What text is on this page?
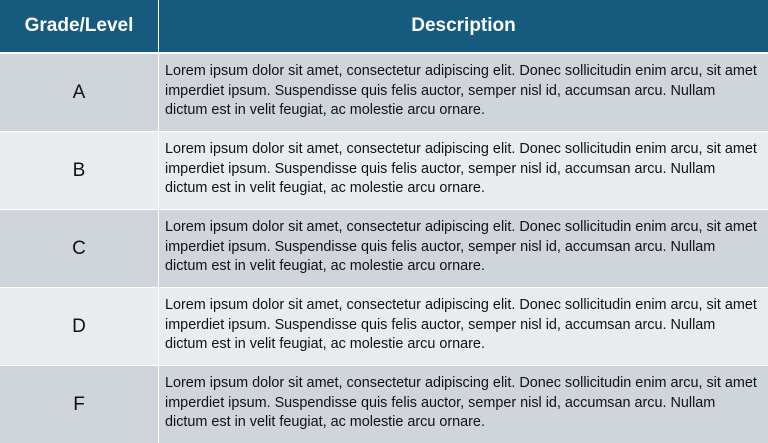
Grade/Level	Description
A	Lorem ipsum dolor sit amet, consectetur adipiscing elit. Donec sollicitudin enim arcu, sit amet imperdiet ipsum. Suspendisse quis felis auctor, semper nisl id, accumsan arcu. Nullam dictum est in velit feugiat, ac molestie arcu ornare.
B	Lorem ipsum dolor sit amet, consectetur adipiscing elit. Donec sollicitudin enim arcu, sit amet imperdiet ipsum. Suspendisse quis felis auctor, semper nisl id, accumsan arcu. Nullam dictum est in velit feugiat, ac molestie arcu ornare.
C	Lorem ipsum dolor sit amet, consectetur adipiscing elit. Donec sollicitudin enim arcu, sit amet imperdiet ipsum. Suspendisse quis felis auctor, semper nisl id, accumsan arcu. Nullam dictum est in velit feugiat, ac molestie arcu ornare.
D	Lorem ipsum dolor sit amet, consectetur adipiscing elit. Donec sollicitudin enim arcu, sit amet imperdiet ipsum. Suspendisse quis felis auctor, semper nisl id, accumsan arcu. Nullam dictum est in velit feugiat, ac molestie arcu ornare.
F	Lorem ipsum dolor sit amet, consectetur adipiscing elit. Donec sollicitudin enim arcu, sit amet imperdiet ipsum. Suspendisse quis felis auctor, semper nisl id, accumsan arcu. Nullam dictum est in velit feugiat, ac molestie arcu ornare.
